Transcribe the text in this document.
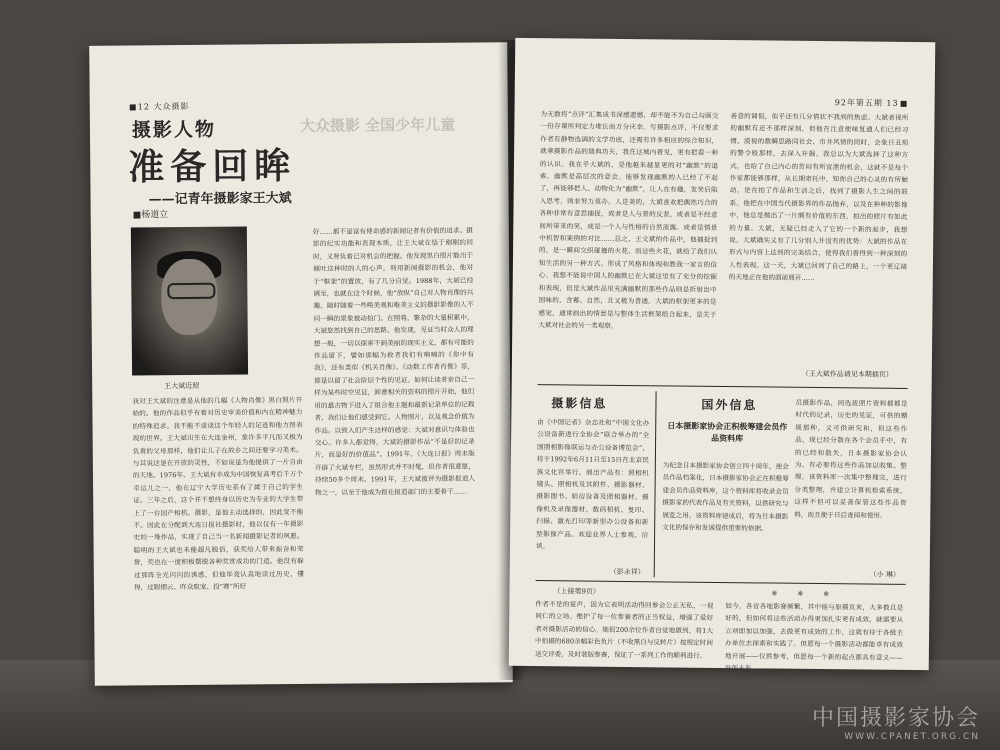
12 大众摄影
大众摄影 全国少年儿童
摄影人物
准备回眸
——记青年摄影家王大斌
■杨道立
王大斌近照
我对王大斌的注意是从他的几幅《人物肖像》黑白照片开始的。他的作品似乎有着对历史审美价值和内在精神魅力的特殊追求。我不能不谈谈这个年轻人的足迹和他力图表现的世界。王大斌出生在大连金州，象许多平凡而又极为负责的父母那样，他们让儿子在故乡之间还要学习美术。与其说这是在开放的灵性，不如说是为他提供了一片自由的天地。1976年，王大斌有幸成为中国恢复高考后千万个幸运儿之一，他在辽宁大学历史系有了属于自己的学生证。三年之后，这个并不想终身以历史为专业的大学生带上了一台国产相机。摄影，是他主动选择的，因此变不能不。因此在分配到大连日报社摄影时，他以仅有一年摄影史的一堆作品，实现了自己当一名新闻摄影记者的夙愿。聪明的王大斌也未能超凡脱俗，获奖给人带来振奋和荣誉，奖也在一度积极摆脱各种奖赏成功的门道。他没有躲过那阵全光闪闪的诱惑，但他毕竟认真地读过历史，懂得，过眼烟云、昨众取宠、投“赛”所好
好……都不是富有使命感的新闻记者有价值的追求。摄影的纪实功能和表现本质，让王大斌在悟于刚刚的同时，又背负着已对机会的把握。他发现黑白照片能出于倾吐这种时的人的心声，利用新闻摄影的机会，他对于“框架”的置放，有了几分自觉。1988年，大斌已经调至，也就在这个时候，他“放纵”自己对人物肖像的兴趣，随时随着一些唤美观和唯美主义的摄影影像的人不同一瞬的景象被动拍门。在照将，繁杂的大量积累中，大斌悠然找到自己的思路。他发现，见证当时众人的理想一般，一切以探索不到美丽的现实主义，都有可能的作品留下，譬如那幅为救者我们有响喃的《你中有我》，还有类似《机关肖像》、《动数工作者肖像》等，都是以留了社会阶层个性的见证。如何让读者亲自己一样为某些时空见证，卸意相关的资料的照片开始，他们用的最古物下进入了组合他主题和最新记录单位的记载者，我们让他们感受到它。人物照片，以及观念价值为作品。以致入们产生这样的感觉：大斌对意识与体验也交心。许多人都觉得，大斌的摄影作品“不是好的记录片，而是好的价值品”。1991年，《大连日报》周末版开辟了大斌专栏，虽然形式并不时髦，但作者很意愿，持续50多个周末。1991年，王大斌被评为摄影报道人物之一，以至于他成为报社报道部门的主要骨干……
92年第五期 13
为无数将“点评”汇集成书深感遗憾，却不能不为自己勾画交一份存课所判定力堆长而万分庆幸。写摄影点评，不仅要求作者有静物选调的文学功底，还需有许多相应的综合知识，就拿摄影作品的瑞典功夫，我在这城内看见，更有把看一种的认识。我在乎大斌的，是他越来越显更的对“幽默”的追索。幽默是高层次的意会。能够发现幽默的人已经了不起了，再能够把人、动物化为“幽默”，让人在有趣，发笑后陷入思考，则非努力莫办。人是美的，大斌喜欢把偶然巧合的各种非常有意思捕捉，或者是人与景的反差，或者是不经意间所带来的笑，或是一个人与性格的自然流露。或者是情景中机智和案例的对比……总之，王文斌的作品中，他捕捉到的，是一瞬间交织碰撞的火花，而这些火花，就给了我们认知生活的另一种方式。形成了风格和体现和教我一家言的信心。我想不能说中国人的幽默已在大斌这里有了充分的挖掘和表现，但是大斌作品里充满幽默的那些作品则是折射出中国味的，含蓄、自然，且又极为普通。大斌的框架更多的是感觉，通常画出的情景是与整体生活框架组合起来，是关于大斌对社会的另一类观察。
善意的调侃，似乎还有几分情状不我到的焦虑。大斌者视所的幽默有还不那样深刻，但他在注意便味复通人们已经习惯、漠视的数瞬思路同社会、市井风情的同时，会象日丑琐的警令般那样，去深入开掘。我总以为大斌选择了这种方式，也给了自己内心的苦闷有所宣泄的机会，这就不是每个作家都能够那样，从长期寄托中，知你自己的心灵的有所触动，是在拍了作品和生活之后，找到了摄影人生之间的联系。他把在中国当代摄影界的作品抛弃，以及在种种的影像中，他总是抛出了一片颇有价值的东西，拍出的照片有如此的力量。大斌，无疑已经走入了它的一个新的起步，我想说，大斌确实又有了几分别人并没有的优势：大斌的作品在形式与内容上达到的完美结合，使得我们看得到一种深刻的人性表现。这一天，大斌已回到了自己的路上，一个更辽阔的天地正在他的面前展开……
（王大斌作品请见本期插页）
摄影信息
由《中国记者》杂志社和“中国文化办公设备新进行全协会”联合举办的“全国照相影像联运与办公设备博览会”，将于1992年6月11日至15日在北京民族文化宫举行。展出产品有：照相机镜头、照相机及其附件、摄影器材、摄影图书、暗房设备及照相器材、摄像机及录像器材、数码相机、复印、扫描、激光打印等新型办公设备和新型影像产品。欢迎业界人士参观、洽谈。
（彭永祥）
国外信息
日本摄影家协会正积极筹建会员作品资料库
为纪念日本摄影家协会创立四十周年，使会员作品档案化，日本摄影家协会正在积极筹建会员作品资料库，这个资料库将收录会员摄影家的代表作品及有关资料，以供研究与展览之用。该资料库建成后，将为日本摄影文化的保存和发展提供重要的依据。
员摄影作品，同选拔照片资料都都是时代的记录，历史的见证，可供的赠规那种，又可供研究和，但这些作品，现已经分散在各个会员手中，有的已经和散失，日本摄影家协会认为，有必要将这些作品加以收集、整理。该资料库一次集中整理完，进行分类整理，并建立计算机检索系统，这样不但可以妥善保管这些作品资料，而且便于日后查阅和使用。
（小 琳）
（上接第9页）
件者不是的宴声，因为它表明活动得回参会公正无私，一视同仁的立场。维护了每一位参赛者的正当权益，增强了爱好者对摄影活动的信心。她很200余位作者自觉地做到，将1大中拍摄的680余幅彩色负片（不收黑白与反转片）按规定时间送交评委，及时装版参赛，保证了一系列工作的顺利进行。
※　　※　　※
如今，各省各地影赛频繁，其中能与原摄页来，大多数且是好的，但如何将这些活动办得更加扎实更有成效，就需要从立项即加以加强，去做更有成效的工作，这就有待于各级主办单位去探索和实践了。但愿每一个摄影活动都能卓有成效地开展——仅供参考，但愿每一个新的起点都具有意义——开创未来。
中国摄影家协会
WWW.CPANET.ORG.CN
